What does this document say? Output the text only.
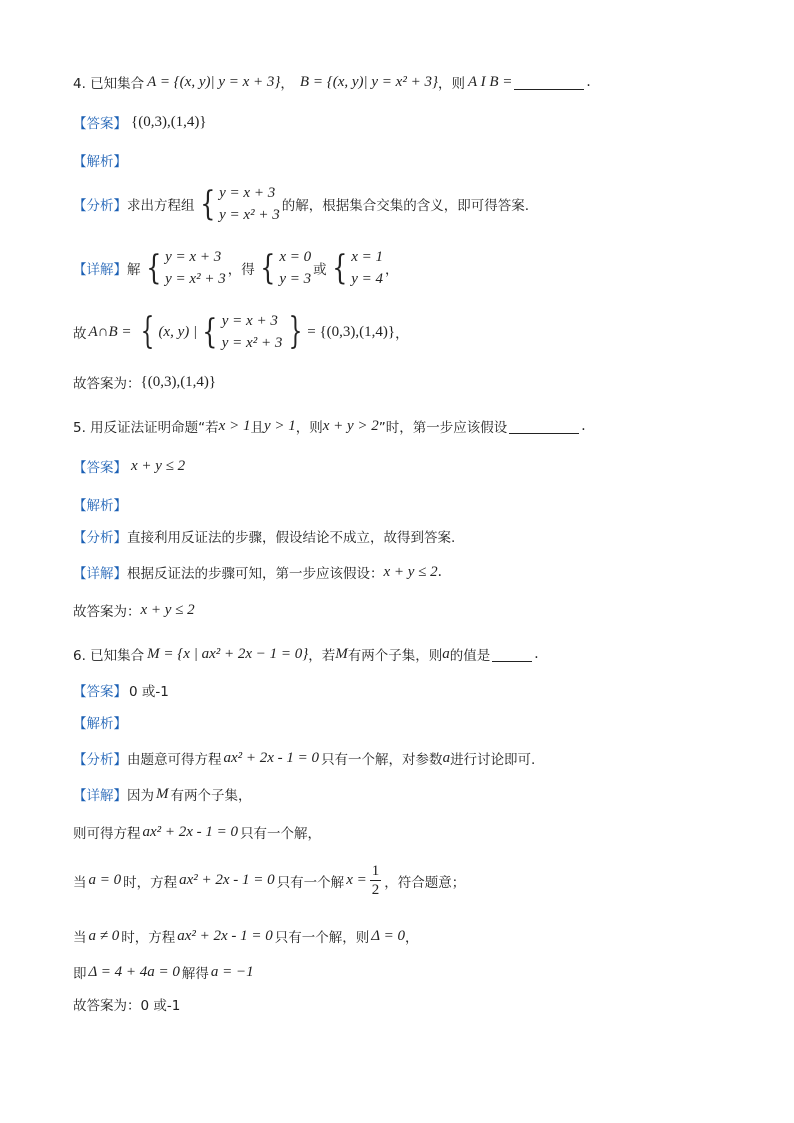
4. 已知集合 A = {(x, y)| y = x + 3} ， B = {(x, y)| y = x² + 3} ，则 A I B =	.
【答案】 {(0,3),(1,4)}
【解析】
【分析】 求出方程组 { y = x + 3
y = x² + 3
的解，根据集合交集的含义，即可得答案.
【详解】 解 { y = x + 3
y = x² + 3
，得 { x = 0
y = 3
或 { x = 1
y = 4
，
故 A∩B = { (x, y) | { y = x + 3
y = x² + 3 } = {(0,3),(1,4)} ，
故答案为： {(0,3),(1,4)}
5. 用反证法证明命题“若 x > 1 且 y > 1 ，则 x + y > 2 ”时，第一步应该假设	.
【答案】 x + y ≤ 2
【解析】
【分析】 直接利用反证法的步骤，假设结论不成立，故得到答案.
【详解】 根据反证法的步骤可知，第一步应该假设： x + y ≤ 2 .
故答案为： x + y ≤ 2
6. 已知集合 M = {x | ax² + 2x − 1 = 0} ，若 M 有两个子集，则 a 的值是	.
【答案】 0 或-1
【解析】
【分析】 由题意可得方程 ax² + 2x - 1 = 0 只有一个解，对参数 a 进行讨论即可.
【详解】 因为 M 有两个子集，
则可得方程 ax² + 2x - 1 = 0 只有一个解，
当 a = 0 时，方程 ax² + 2x - 1 = 0 只有一个解 $x = \frac{1}{2}$ ，符合题意；
当 a ≠ 0 时，方程 ax² + 2x - 1 = 0 只有一个解，则 Δ = 0 ，
即 Δ = 4 + 4a = 0 解得 a = −1
故答案为： 0 或-1
